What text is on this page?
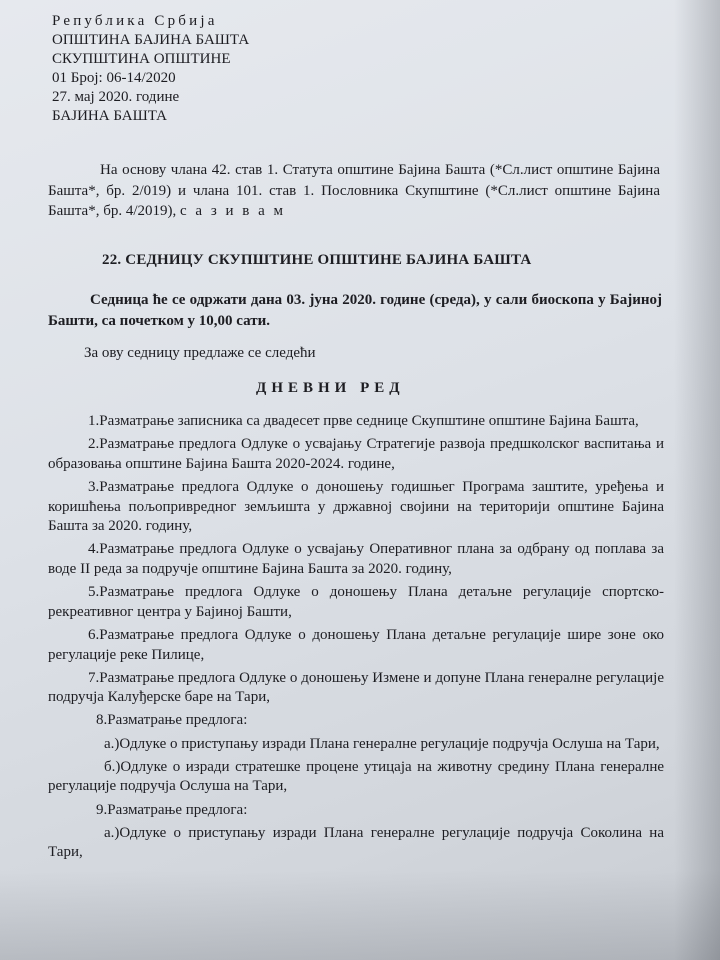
Република Србија
ОПШТИНА БАЈИНА БАШТА
СКУПШТИНА ОПШТИНЕ
01 Број: 06-14/2020
27. мај 2020. године
БАЈИНА БАШТА
На основу члана 42. став 1. Статута општине Бајина Башта (*Сл.лист општине Бајина Башта*, бр. 2/019) и члана 101. став 1. Пословника Скупштине (*Сл.лист општине Бајина Башта*, бр. 4/2019), с а з и в а м
22. СЕДНИЦУ СКУПШТИНЕ ОПШТИНЕ БАЈИНА БАШТА
Седница ће се одржати дана 03. јуна 2020. године (среда), у сали биоскопа у Бајиној Башти, са почетком у 10,00 сати.
За ову седницу предлаже се следећи
ДНЕВНИ РЕД
1.Разматрање записника са двадесет прве седнице Скупштине општине Бајина Башта,
2.Разматрање предлога Одлуке о усвајању Стратегије развоја предшколског васпитања и образовања општине Бајина Башта 2020-2024. године,
3.Разматрање предлога Одлуке о доношењу годишњег Програма заштите, уређења и коришћења пољопривредног земљишта у државној својини на територији општине Бајина Башта за 2020. годину,
4.Разматрање предлога Одлуке о усвајању Оперативног плана за одбрану од поплава за воде II реда за подручје општине Бајина Башта за 2020. годину,
5.Разматрање предлога Одлуке о доношењу Плана детаљне регулације спортско-рекреативног центра у Бајиној Башти,
6.Разматрање предлога Одлуке о доношењу Плана детаљне регулације шире зоне око регулације реке Пилице,
7.Разматрање предлога Одлуке о доношењу Измене и допуне Плана генералне регулације подручја Калуђерске баре на Тари,
8.Разматрање предлога:
а.)Одлуке о приступању изради Плана генералне регулације подручја Ослуша на Тари,
б.)Одлуке о изради стратешке процене утицаја на животну средину Плана генералне регулације подручја Ослуша на Тари,
9.Разматрање предлога:
а.)Одлуке о приступању изради Плана генералне регулације подручја Соколина на Тари,
